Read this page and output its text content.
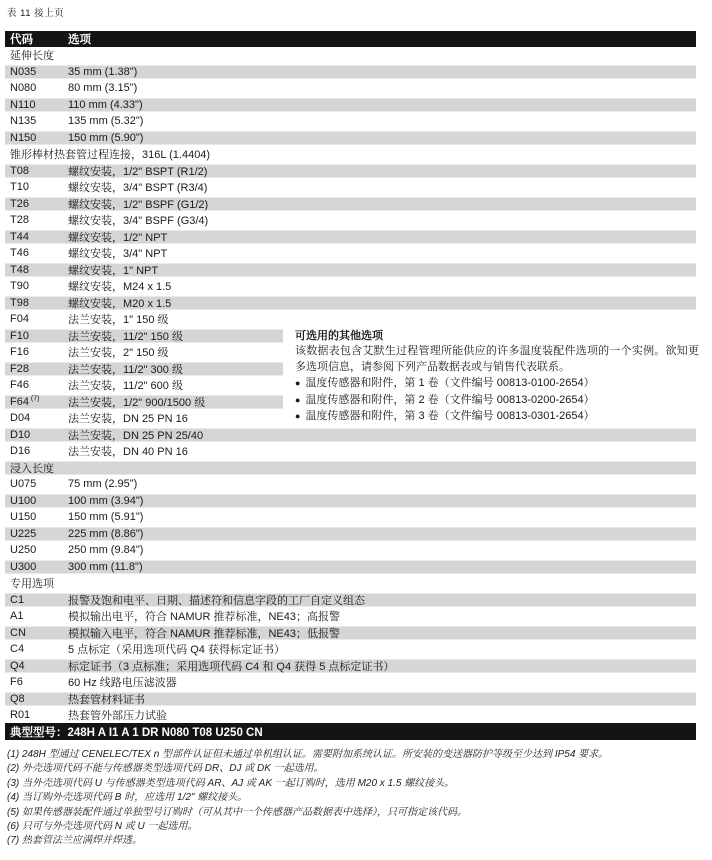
表 11 接上页
代码	选项
延伸长度
N035	35 mm (1.38")
N080	80 mm (3.15")
N110	110 mm (4.33")
N135	135 mm (5.32")
N150	150 mm (5.90")
锥形棒材热套管过程连接，316L (1.4404)
T08	螺纹安装，1/2" BSPT (R1/2)
T10	螺纹安装，3/4" BSPT (R3/4)
T26	螺纹安装，1/2" BSPF (G1/2)
T28	螺纹安装，3/4" BSPF (G3/4)
T44	螺纹安装，1/2" NPT
T46	螺纹安装，3/4" NPT
T48	螺纹安装，1" NPT
T90	螺纹安装，M24 x 1.5
T98	螺纹安装，M20 x 1.5
F04	法兰安装，1" 150 级
F10	法兰安装，11/2" 150 级
F16	法兰安装，2" 150 级
F28	法兰安装，11/2" 300 级
F46	法兰安装，11/2" 600 级
F64 $^{(7)}$	法兰安装，1/2" 900/1500 级
D04	法兰安装，DN 25 PN 16
D10	法兰安装，DN 25 PN 25/40
D16	法兰安装，DN 40 PN 16
浸入长度
U075	75 mm (2.95")
U100	100 mm (3.94")
U150	150 mm (5.91")
U225	225 mm (8.86")
U250	250 mm (9.84")
U300	300 mm (11.8")
专用选项
C1	报警及饱和电平、日期、描述符和信息字段的工厂自定义组态
A1	模拟输出电平，符合 NAMUR 推荐标准，NE43；高报警
CN	模拟输入电平，符合 NAMUR 推荐标准，NE43；低报警
C4	5 点标定（采用选项代码 Q4 获得标定证书）
Q4	标定证书（3 点标准；采用选项代码 C4 和 Q4 获得 5 点标定证书）
F6	60 Hz 线路电压滤波器
Q8	热套管材料证书
R01	热套管外部压力试验
可选用的其他选项
该数据表包含艾默生过程管理所能供应的许多温度装配件选项的一个实例。欲知更多选项信息，请参阅下列产品数据表或与销售代表联系。
● 温度传感器和附件，第 1 卷（文件编号 00813-0100-2654）
● 温度传感器和附件，第 2 卷（文件编号 00813-0200-2654）
● 温度传感器和附件，第 3 卷（文件编号 00813-0301-2654）
典型型号：248H A I1 A 1 DR N080 T08 U250 CN
(1) 248H 型通过 CENELEC/TEX n 型部件认证但未通过单机组认证。需要附加系统认证。所安装的变送器防护等级至少达到 IP54 要求。
(2) 外壳选项代码不能与传感器类型选项代码 DR、DJ 或 DK 一起选用。
(3) 当外壳选项代码 U 与传感器类型选项代码 AR、AJ 或 AK 一起订购时，选用 M20 x 1.5 螺纹接头。
(4) 当订购外壳选项代码 B 时，应选用 1/2" 螺纹接头。
(5) 如果传感器装配件通过单独型号订购时（可从其中一个传感器产品数据表中选择），只可指定该代码。
(6) 只可与外壳选项代码 N 或 U 一起选用。
(7) 热套管法兰应满焊并焊透。
